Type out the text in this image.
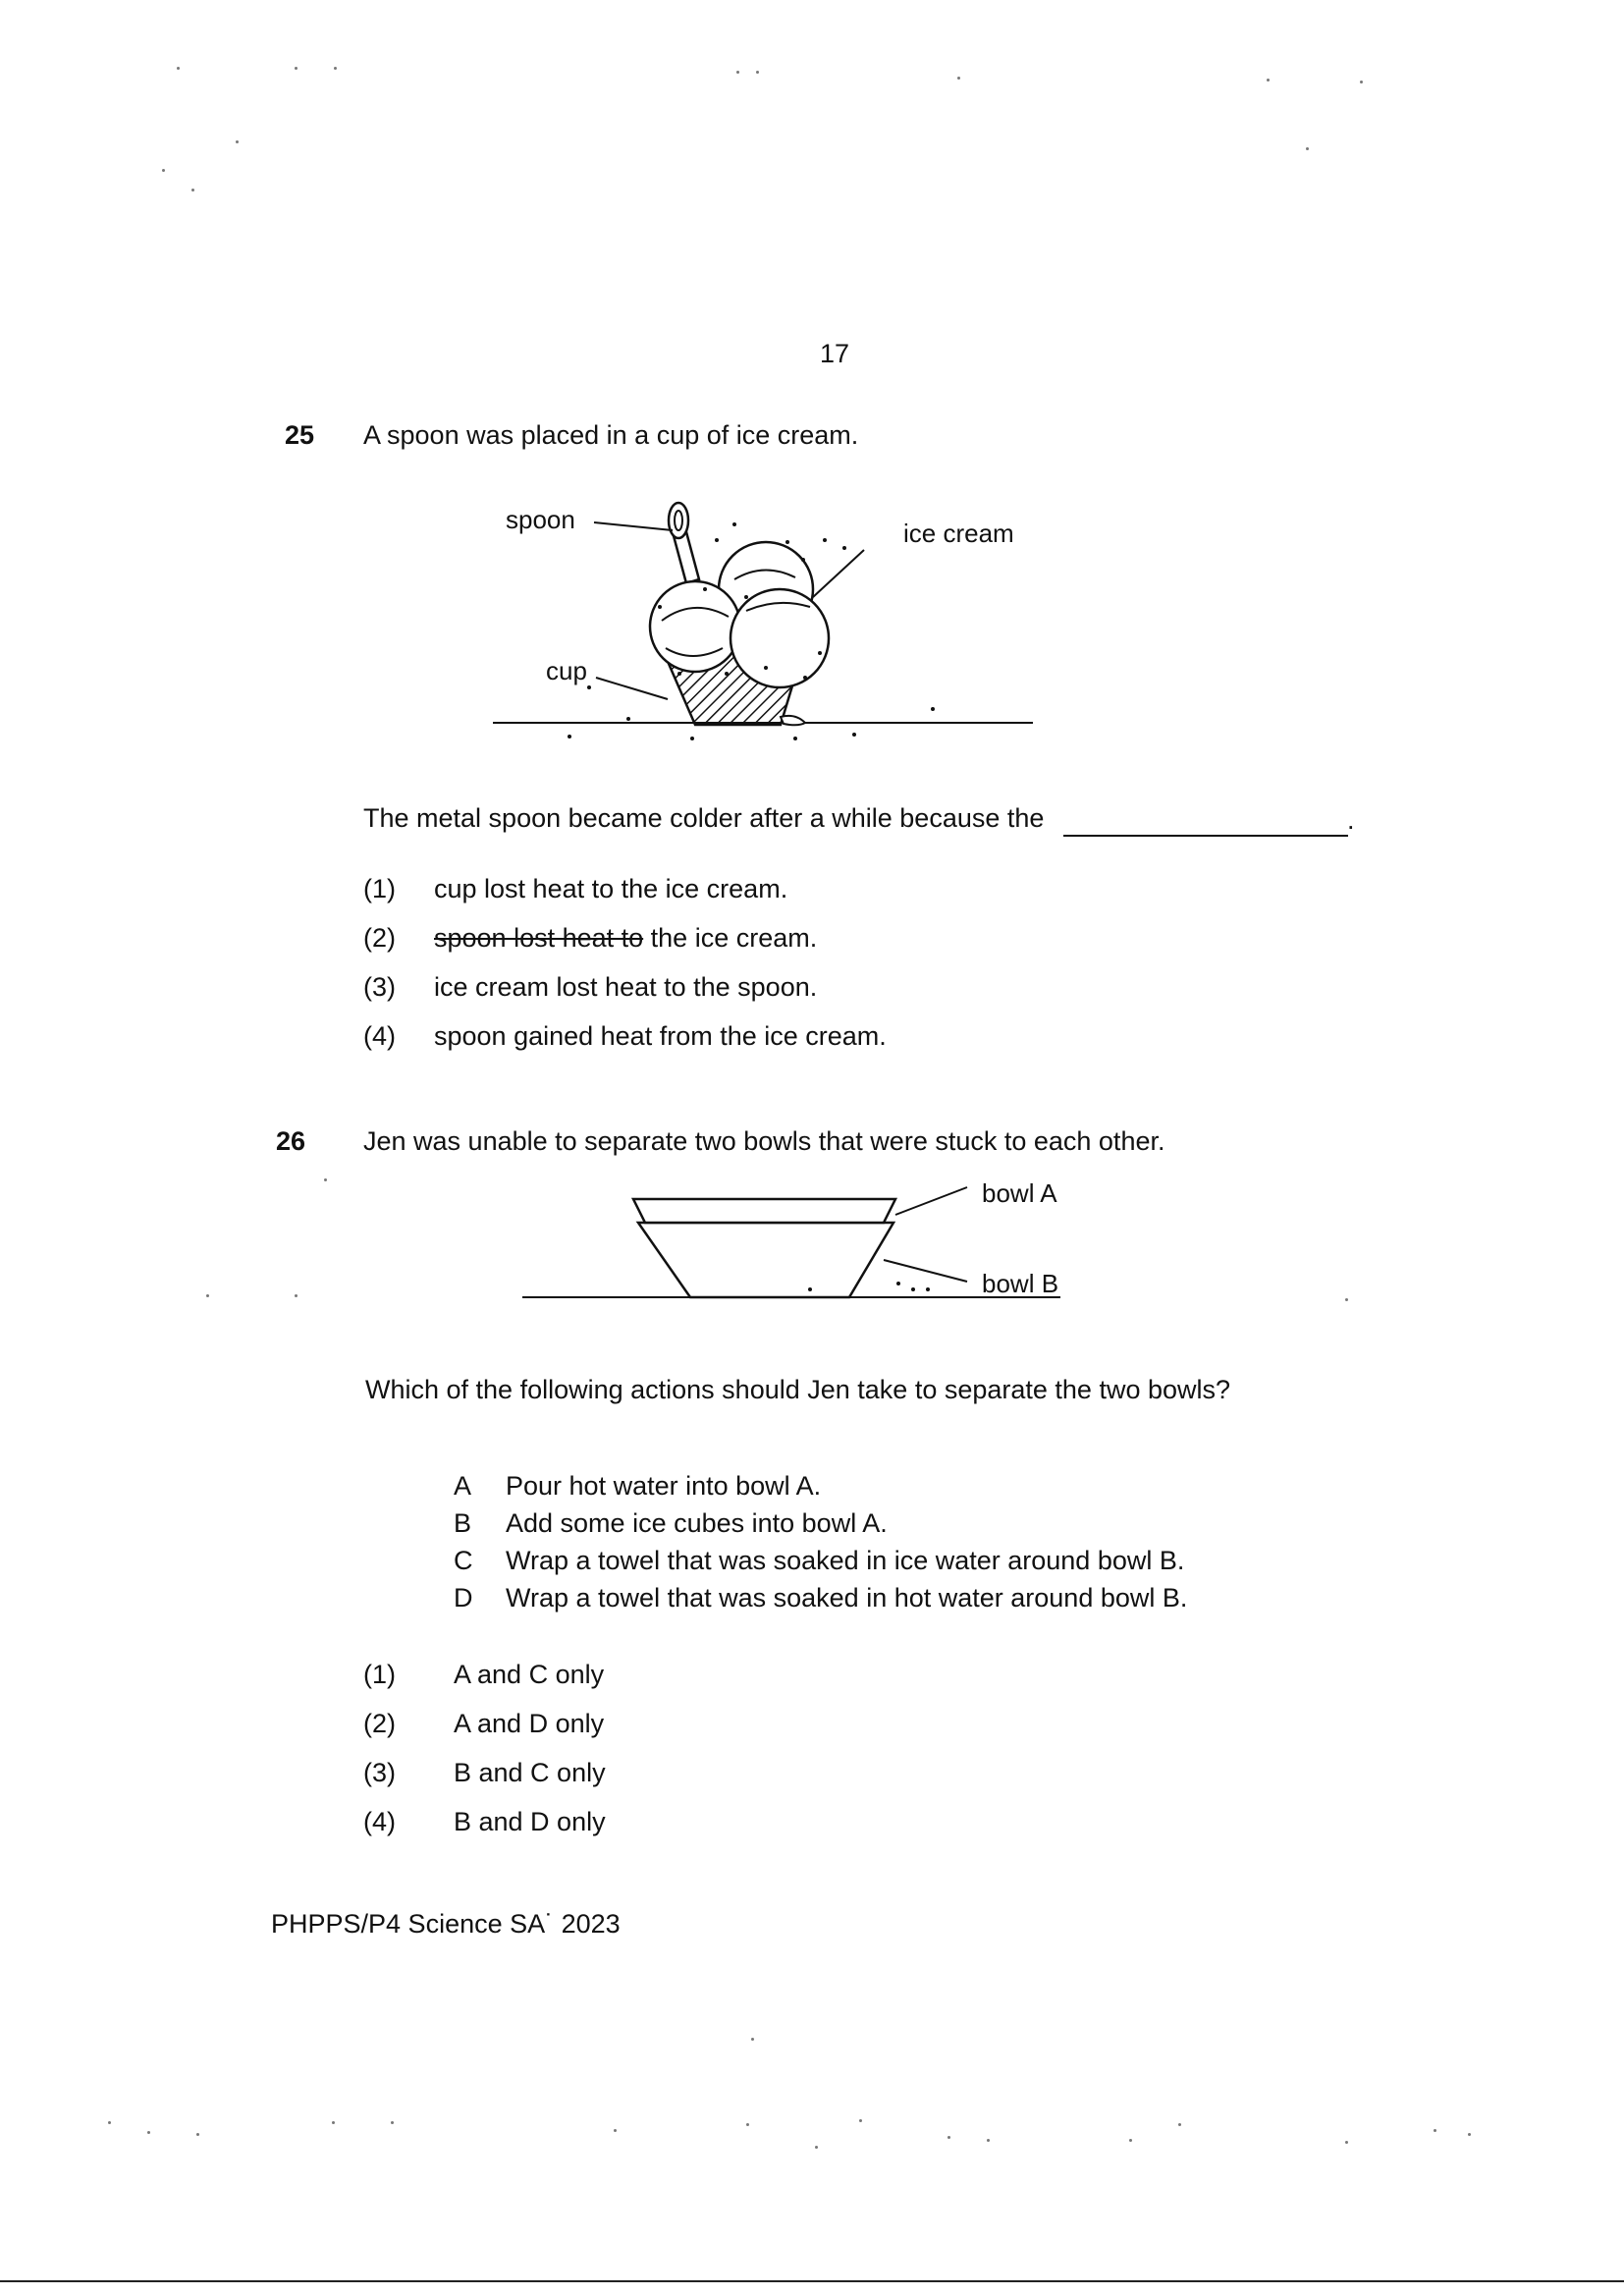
17
25 A spoon was placed in a cup of ice cream.
spoon	ice cream
cup
The metal spoon became colder after a while because the	.
(1) cup lost heat to the ice cream.
(2) spoon lost heat to the ice cream.
(3) ice cream lost heat to the spoon.
(4) spoon gained heat from the ice cream.
26 Jen was unable to separate two bowls that were stuck to each other.
bowl A
bowl B
Which of the following actions should Jen take to separate the two bowls?
A Pour hot water into bowl A.
B Add some ice cubes into bowl A.
C Wrap a towel that was soaked in ice water around bowl B.
D Wrap a towel that was soaked in hot water around bowl B.
(1) A and C only
(2) A and D only
(3) B and C only
(4) B and D only
PHPPS/P4 Science SA˙ 2023
